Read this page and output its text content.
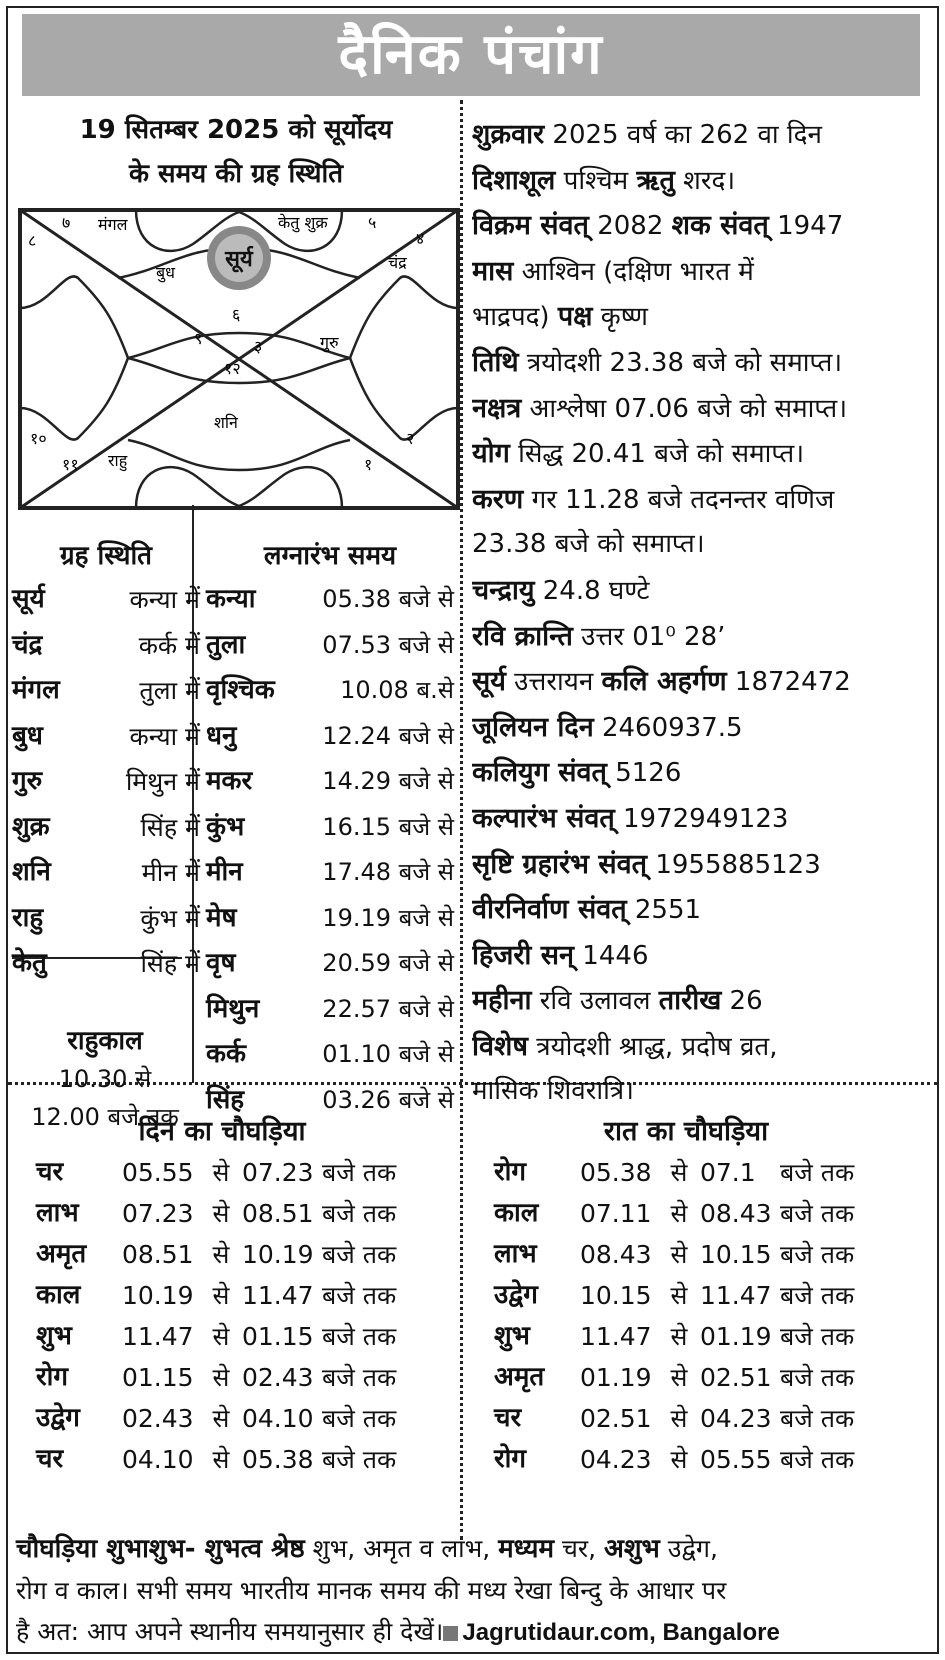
दैनिक पंचांग
19 सितम्बर 2025 को सूर्योदय
के समय की ग्रह स्थिति
सूर्य
६
९	३
१२
७
८
५
४
१०
११
२
१
मंगल	केतु शुक्र
बुध
चंद्र
गुरु
शनि
राहु
शुक्रवार 2025 वर्ष का 262 वा दिन
दिशाशूल पश्चिम ऋतु शरद।
विक्रम संवत् 2082 शक संवत् 1947
मास आश्विन (दक्षिण भारत में
भाद्रपद) पक्ष कृष्ण
तिथि त्रयोदशी 23.38 बजे को समाप्त।
नक्षत्र आश्लेषा 07.06 बजे को समाप्त।
योग सिद्ध 20.41 बजे को समाप्त।
करण गर 11.28 बजे तदनन्तर वणिज
23.38 बजे को समाप्त।
चन्द्रायु 24.8 घण्टे
रवि क्रान्ति उत्तर 01⁰ 28’
सूर्य उत्तरायन कलि अहर्गण 1872472
जूलियन दिन 2460937.5
कलियुग संवत् 5126
कल्पारंभ संवत् 1972949123
सृष्टि ग्रहारंभ संवत् 1955885123
वीरनिर्वाण संवत् 2551
हिजरी सन् 1446
महीना रवि उलावल तारीख 26
विशेष त्रयोदशी श्राद्ध, प्रदोष व्रत,
मासिक शिवरात्रि।
ग्रह स्थिति
सूर्य	कन्या में
चंद्र	कर्क में
मंगल	तुला में
बुध	कन्या में
गुरु	मिथुन में
शुक्र	सिंह में
शनि	मीन में
राहु	कुंभ में
केतु	सिंह में
राहुकाल
10.30 से
12.00 बजे तक
लग्नारंभ समय
कन्या	05.38 बजे से
तुला	07.53 बजे से
वृश्चिक	10.08 ब.से
धनु	12.24 बजे से
मकर	14.29 बजे से
कुंभ	16.15 बजे से
मीन	17.48 बजे से
मेष	19.19 बजे से
वृष	20.59 बजे से
मिथुन	22.57 बजे से
कर्क	01.10 बजे से
सिंह	03.26 बजे से
दिन का चौघड़िया
चर	05.55 से 07.23 बजे तक
लाभ	07.23 से 08.51 बजे तक
अमृत	08.51 से 10.19 बजे तक
काल	10.19 से 11.47 बजे तक
शुभ	11.47 से 01.15 बजे तक
रोग	01.15 से 02.43 बजे तक
उद्वेग	02.43 से 04.10 बजे तक
चर	04.10 से 05.38 बजे तक
रात का चौघड़िया
रोग	05.38 से 07.1 बजे तक
काल	07.11 से 08.43 बजे तक
लाभ	08.43 से 10.15 बजे तक
उद्वेग	10.15 से 11.47 बजे तक
शुभ	11.47 से 01.19 बजे तक
अमृत	01.19 से 02.51 बजे तक
चर	02.51 से 04.23 बजे तक
रोग	04.23 से 05.55 बजे तक
चौघड़िया शुभाशुभ- शुभत्व श्रेष्ठ शुभ, अमृत व लाभ, मध्यम चर, अशुभ उद्वेग,
रोग व काल। सभी समय भारतीय मानक समय की मध्य रेखा बिन्दु के आधार पर
है अत: आप अपने स्थानीय समयानुसार ही देखें। Jagrutidaur.com, Bangalore
